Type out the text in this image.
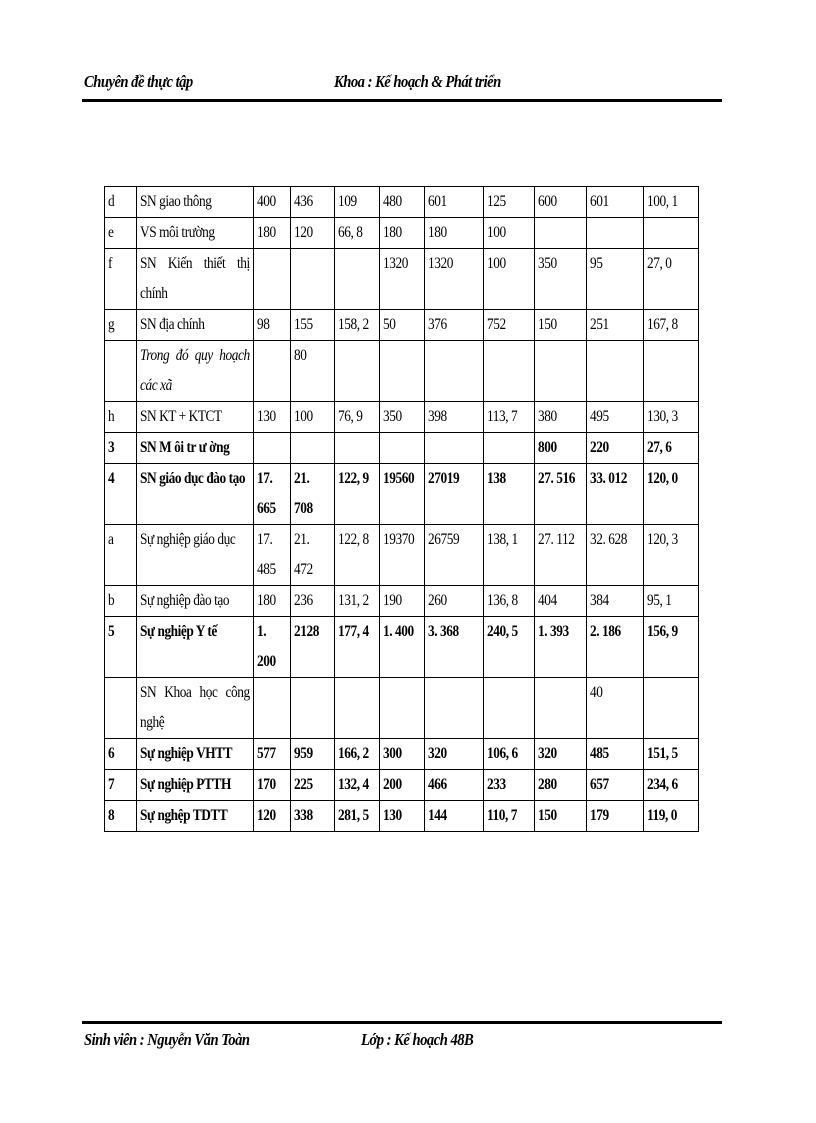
Chuyên đề thực tập	Khoa : Kế hoạch & Phát triển
d	SN giao thông	400	436	109	480	601	125	600	601	100, 1

e	VS môi trường	180	120	66, 8	180	180	100			

f	SN Kiến thiết thị chính				1320	1320	100	350	95	27, 0

g	SN địa chính	98	155	158, 2	50	376	752	150	251	167, 8

	Trong đó quy hoạch các xã		80							

h	SN KT + KTCT	130	100	76, 9	350	398	113, 7	380	495	130, 3

3	SN M ôi tr ư ờng							800	220	27, 6

4	SN giáo dục đào tạo	17. 665	21. 708	122, 9	19560	27019	138	27. 516	33. 012	120, 0

a	Sự nghiệp giáo dục	17. 485	21. 472	122, 8	19370	26759	138, 1	27. 112	32. 628	120, 3

b	Sự nghiệp đào tạo	180	236	131, 2	190	260	136, 8	404	384	95, 1

5	Sự nghiệp Y tế	1. 200	2128	177, 4	1. 400	3. 368	240, 5	1. 393	2. 186	156, 9

	SN Khoa học công nghệ								40	

6	Sự nghiệp VHTT	577	959	166, 2	300	320	106, 6	320	485	151, 5

7	Sự nghiệp PTTH	170	225	132, 4	200	466	233	280	657	234, 6

8	Sự nghệp TDTT	120	338	281, 5	130	144	110, 7	150	179	119, 0
Sinh viên : Nguyễn Văn Toàn	Lớp : Kế hoạch 48B
